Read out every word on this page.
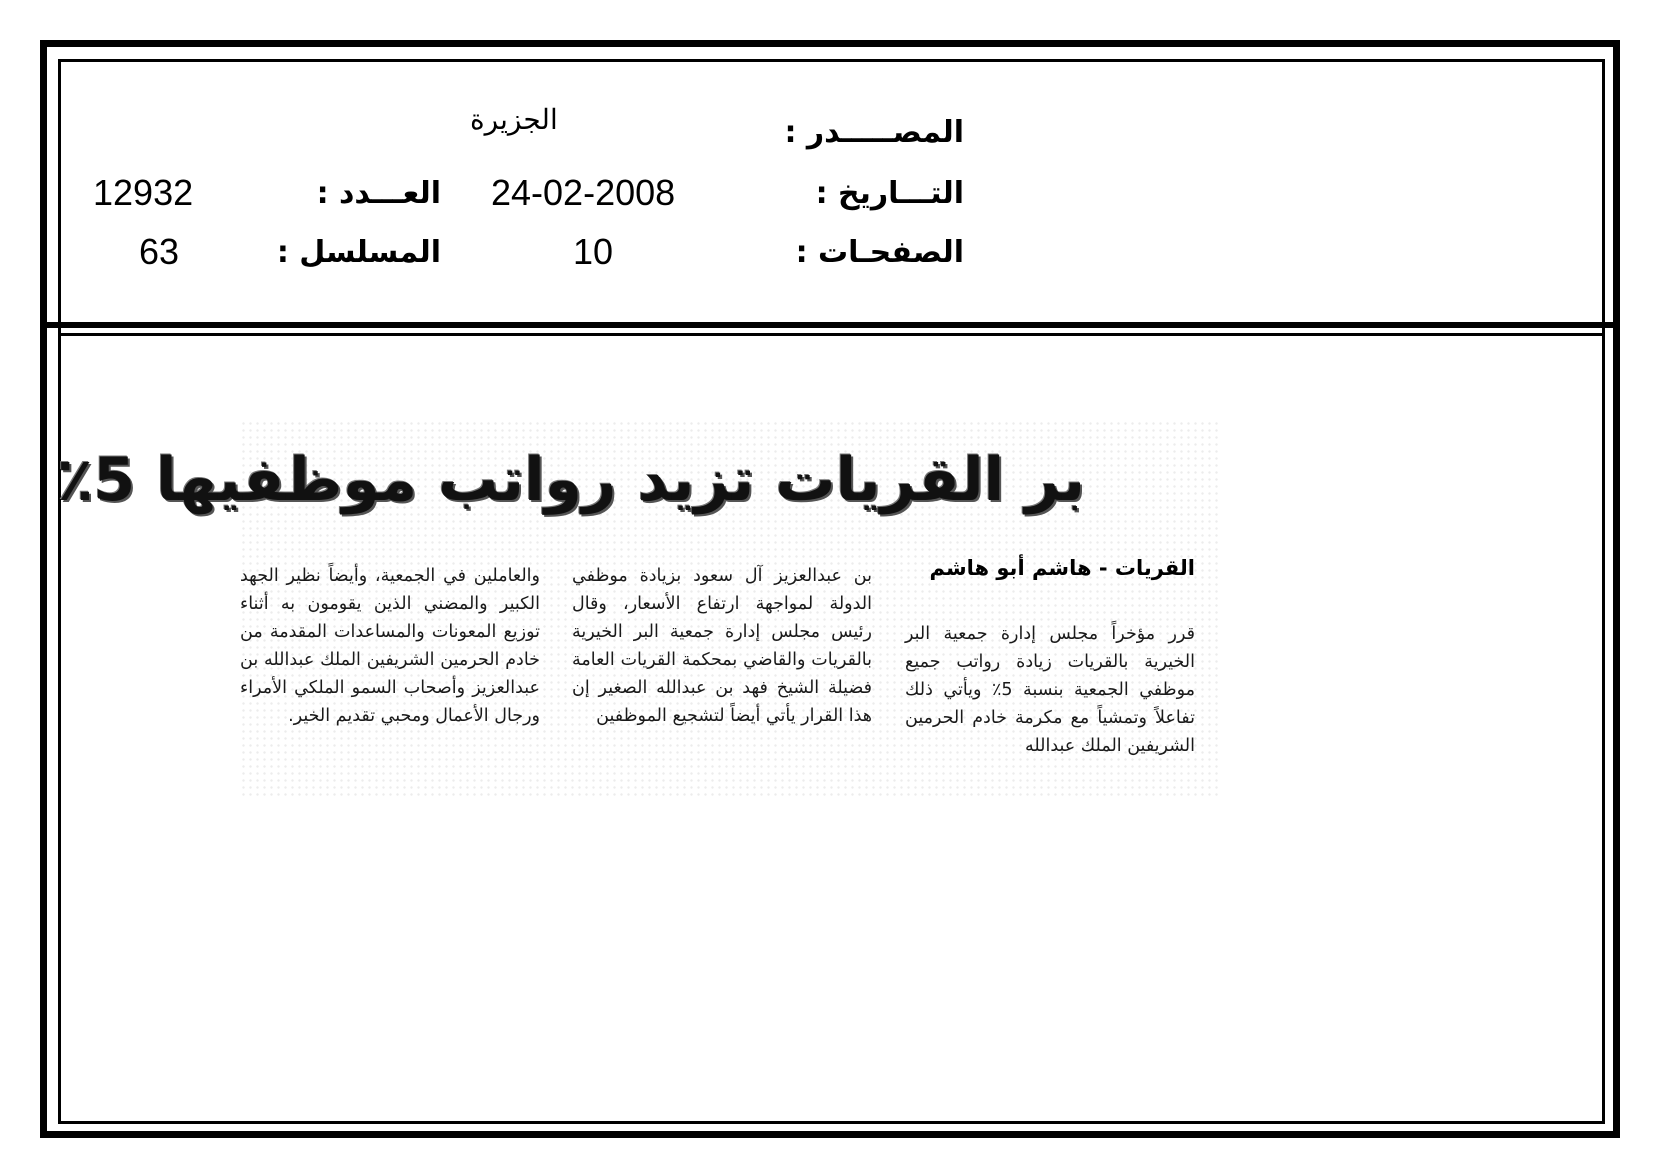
المصـــــدر :
الجزيرة
التـــاريخ :
24-02-2008
العـــدد :
12932
الصفحـات :
10
المسلسل :
63
بر القريات تزيد رواتب موظفيها 5٪
القريات - هاشم أبو هاشم

قرر مؤخراً مجلس إدارة جمعية البر الخيرية بالقريات زيادة رواتب جميع موظفي الجمعية بنسبة 5٪ ويأتي ذلك تفاعلاً وتمشياً مع مكرمة خادم الحرمين الشريفين الملك عبدالله

بن عبدالعزيز آل سعود بزيادة موظفي الدولة لمواجهة ارتفاع الأسعار، وقال رئيس مجلس إدارة جمعية البر الخيرية بالقريات والقاضي بمحكمة القريات العامة فضيلة الشيخ فهد بن عبدالله الصغير إن هذا القرار يأتي أيضاً لتشجيع الموظفين

والعاملين في الجمعية، وأيضاً نظير الجهد الكبير والمضني الذين يقومون به أثناء توزيع المعونات والمساعدات المقدمة من خادم الحرمين الشريفين الملك عبدالله بن عبدالعزيز وأصحاب السمو الملكي الأمراء ورجال الأعمال ومحبي تقديم الخير.
